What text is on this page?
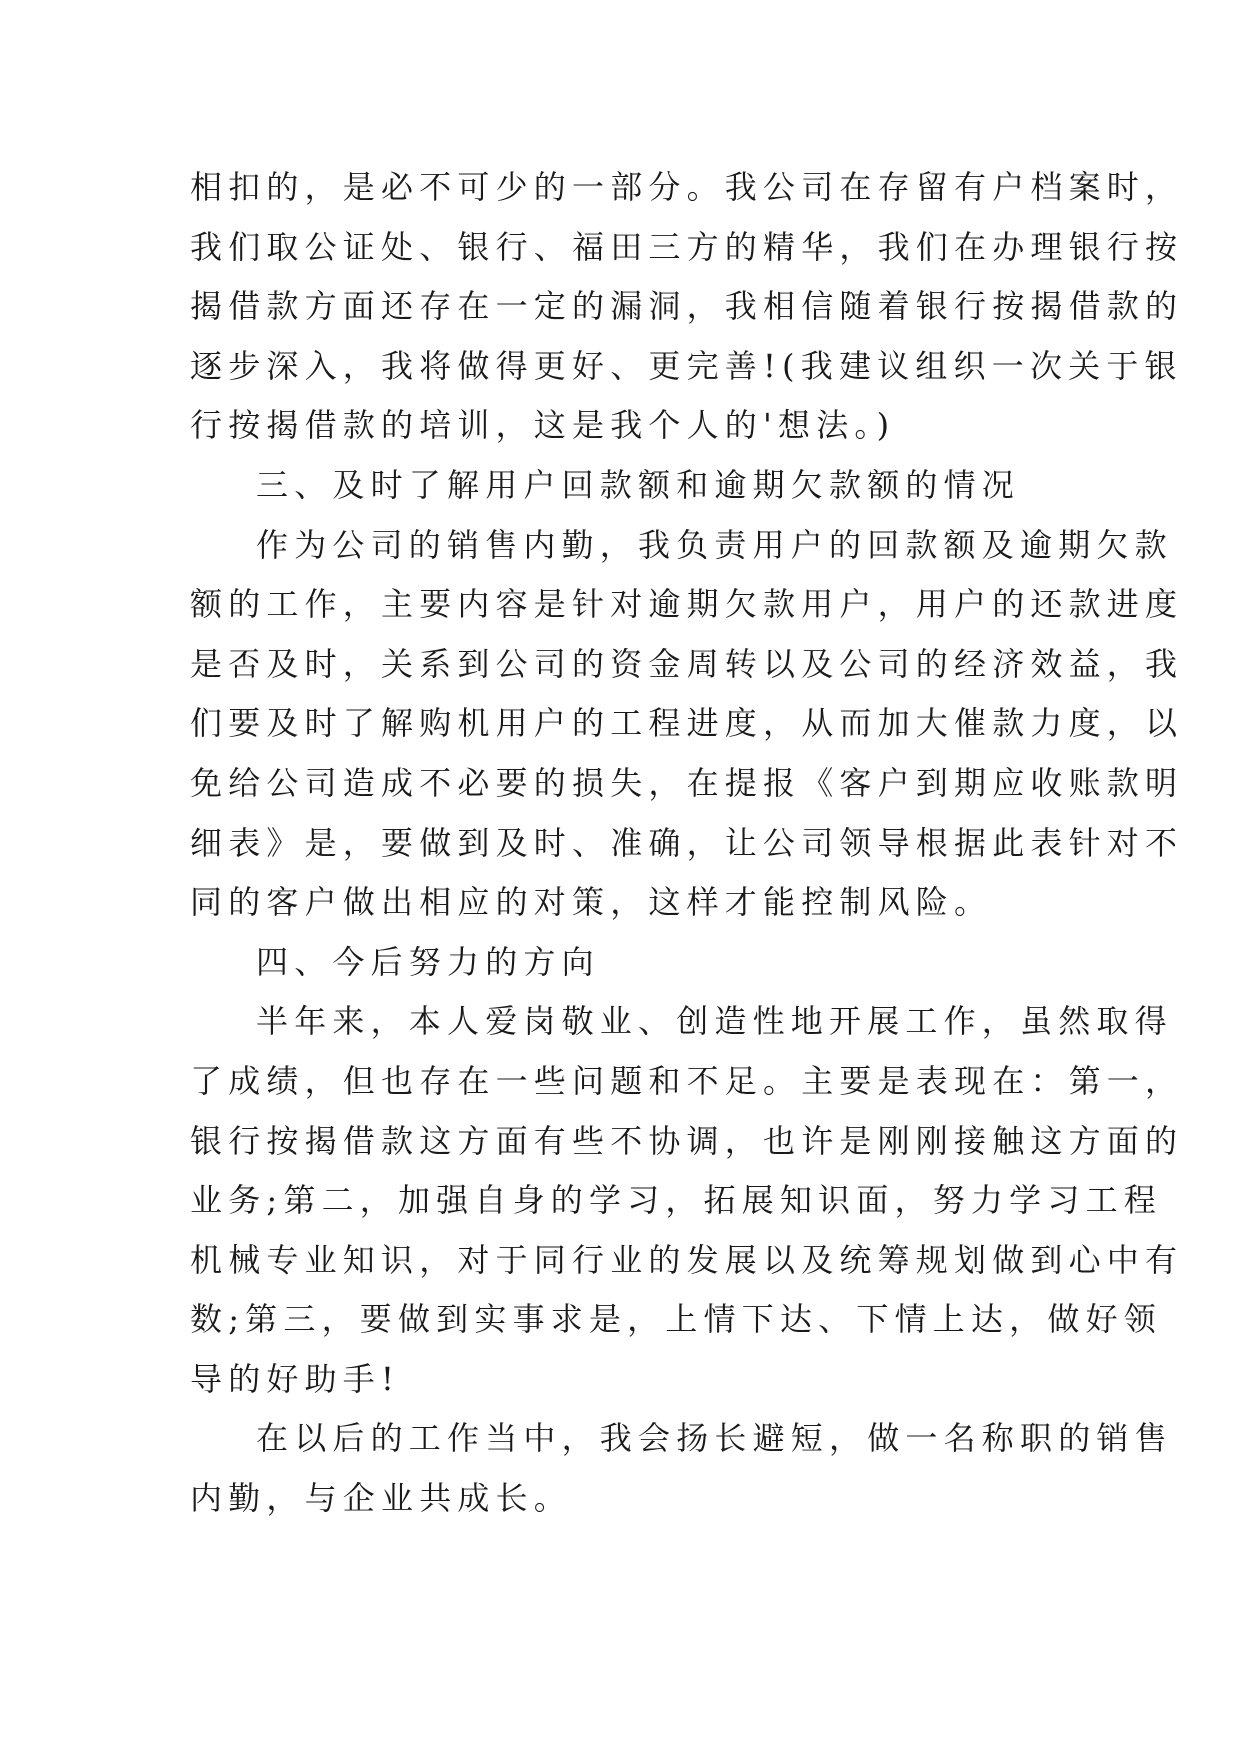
相扣的，是必不可少的一部分。我公司在存留有户档案时，
我们取公证处、银行、福田三方的精华，我们在办理银行按
揭借款方面还存在一定的漏洞，我相信随着银行按揭借款的
逐步深入，我将做得更好、更完善!(我建议组织一次关于银
行按揭借款的培训，这是我个人的'想法。)

三、及时了解用户回款额和逾期欠款额的情况

作为公司的销售内勤，我负责用户的回款额及逾期欠款
额的工作，主要内容是针对逾期欠款用户，用户的还款进度
是否及时，关系到公司的资金周转以及公司的经济效益，我
们要及时了解购机用户的工程进度，从而加大催款力度，以
免给公司造成不必要的损失，在提报《客户到期应收账款明
细表》是，要做到及时、准确，让公司领导根据此表针对不
同的客户做出相应的对策，这样才能控制风险。

四、今后努力的方向

半年来，本人爱岗敬业、创造性地开展工作，虽然取得
了成绩，但也存在一些问题和不足。主要是表现在：第一，
银行按揭借款这方面有些不协调，也许是刚刚接触这方面的
业务;第二，加强自身的学习，拓展知识面，努力学习工程
机械专业知识，对于同行业的发展以及统筹规划做到心中有
数;第三，要做到实事求是，上情下达、下情上达，做好领
导的好助手!

在以后的工作当中，我会扬长避短，做一名称职的销售
内勤，与企业共成长。
